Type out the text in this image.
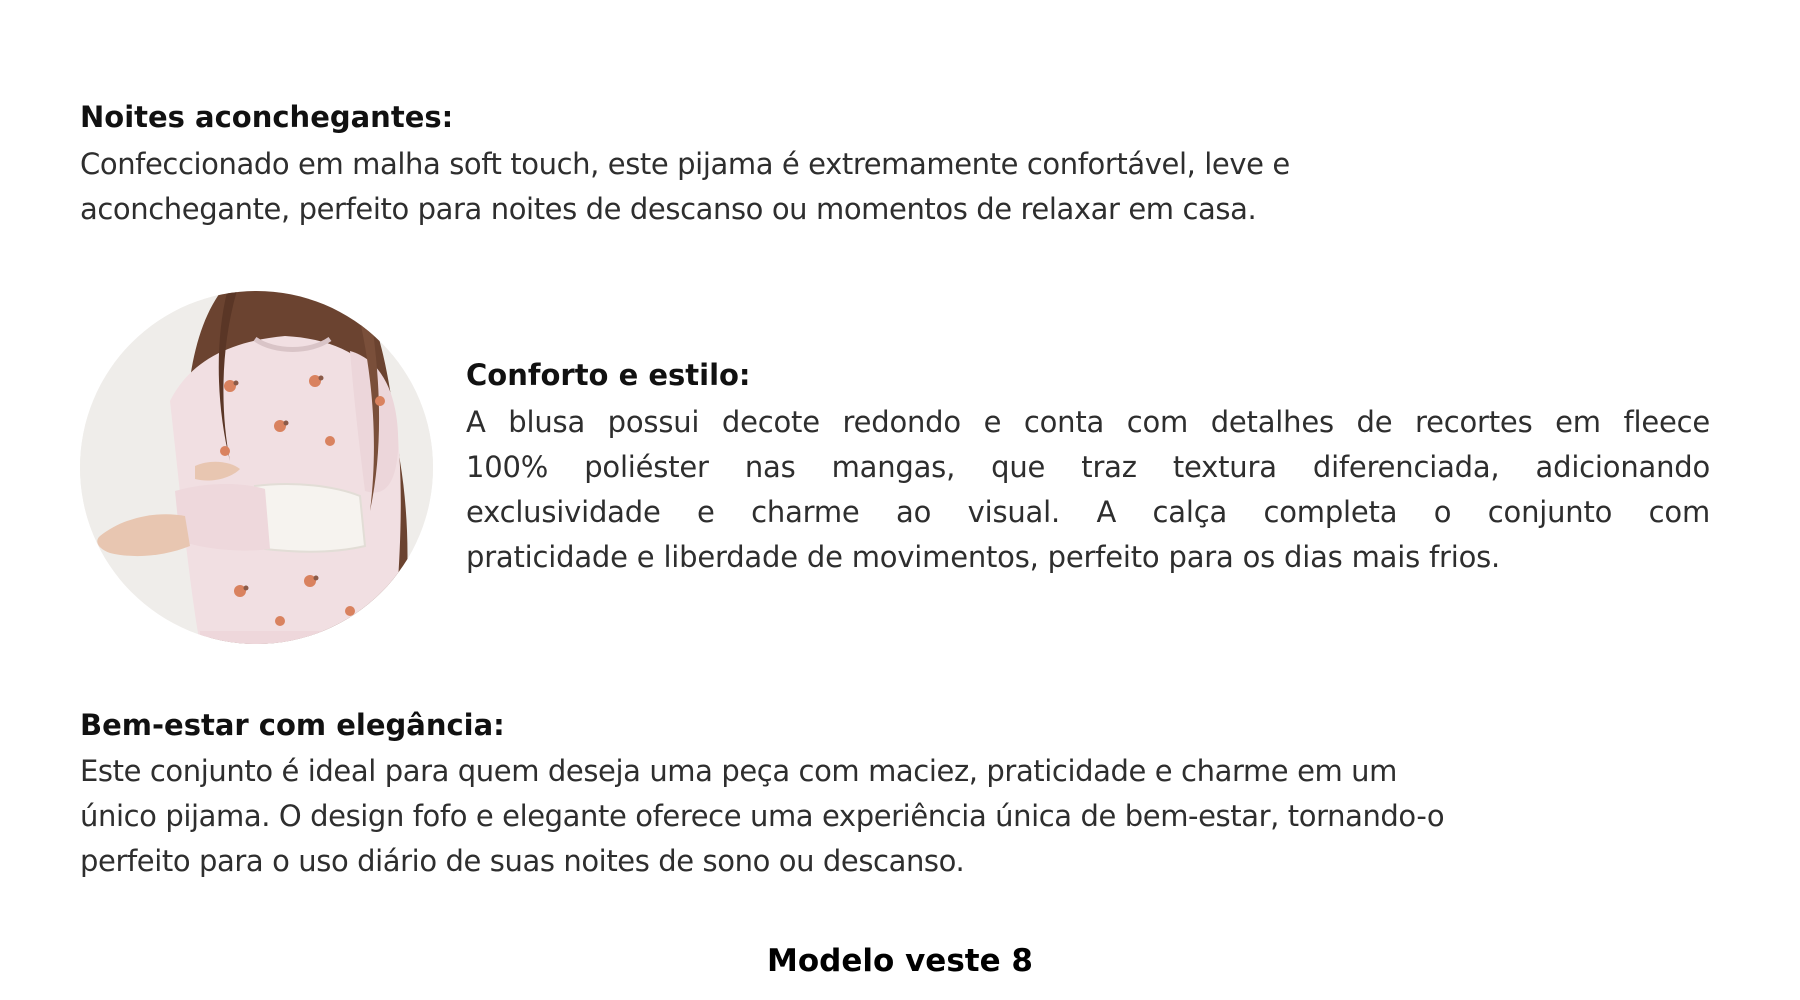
Noites aconchegantes:

Confeccionado em malha soft touch, este pijama é extremamente confortável, leve e
aconchegante, perfeito para noites de descanso ou momentos de relaxar em casa.

Conforto e estilo:

A blusa possui decote redondo e conta com detalhes de recortes em fleece
100% poliéster nas mangas, que traz textura diferenciada, adicionando
exclusividade e charme ao visual. A calça completa o conjunto com
praticidade e liberdade de movimentos, perfeito para os dias mais frios.

Bem-estar com elegância:

Este conjunto é ideal para quem deseja uma peça com maciez, praticidade e charme em um
único pijama. O design fofo e elegante oferece uma experiência única de bem-estar, tornando-o
perfeito para o uso diário de suas noites de sono ou descanso.

Modelo veste 8
